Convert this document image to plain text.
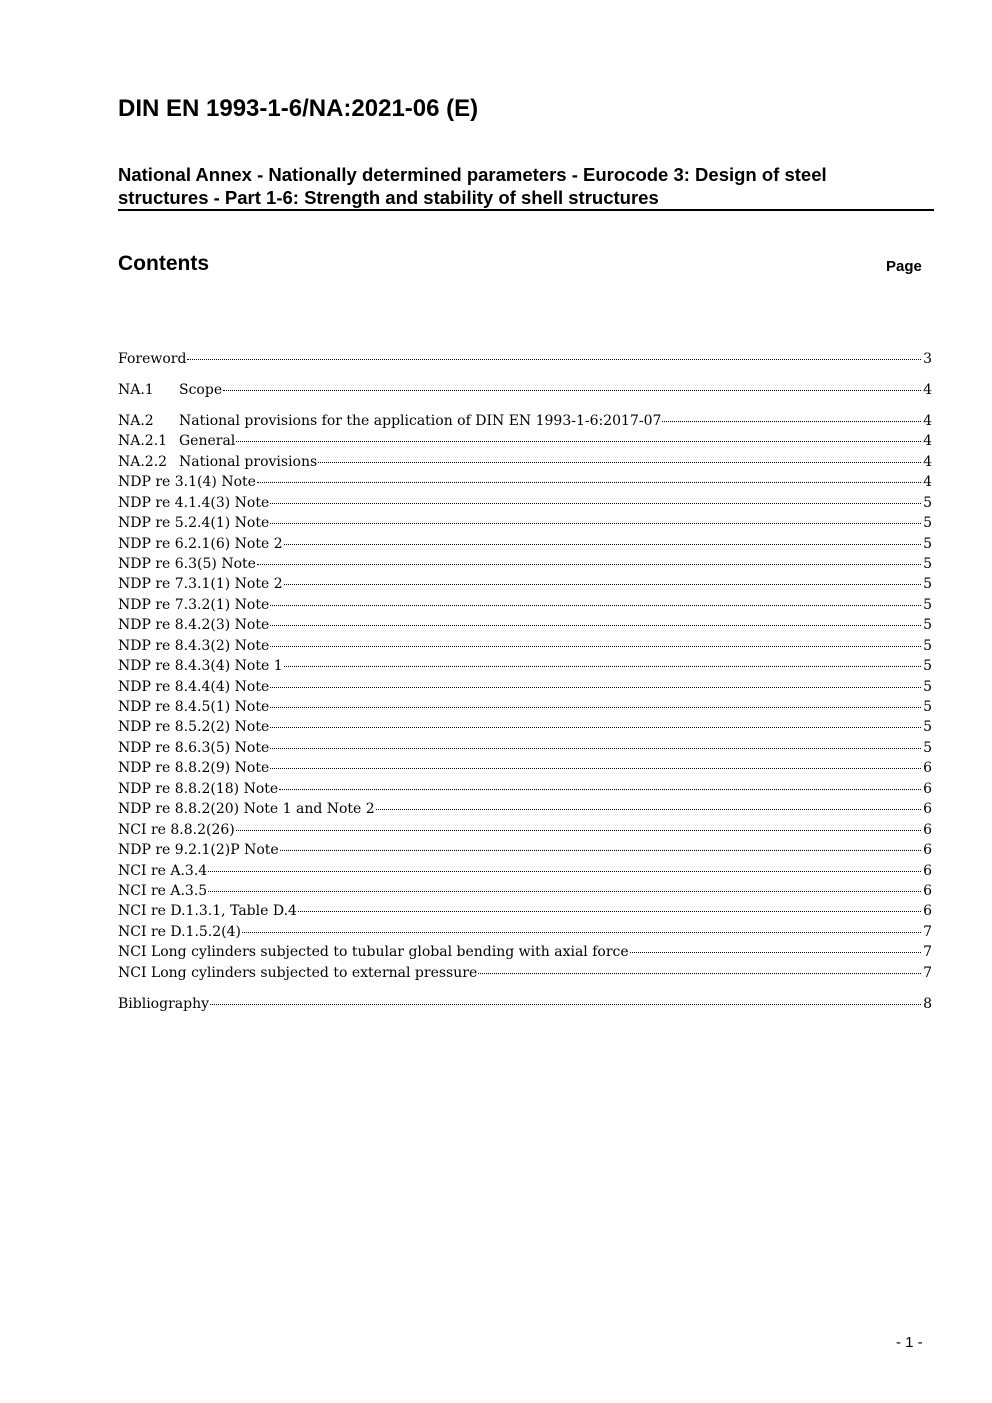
DIN EN 1993-1-6/NA:2021-06 (E)
National Annex - Nationally determined parameters - Eurocode 3: Design of steel
structures - Part 1-6: Strength and stability of shell structures
Contents	Page
Foreword	3
NA.1	Scope	4
NA.2	National provisions for the application of DIN EN 1993-1-6:2017-07	4
NA.2.1 General	4
NA.2.2 National provisions	4
NDP re 3.1(4) Note	4
NDP re 4.1.4(3) Note	5
NDP re 5.2.4(1) Note	5
NDP re 6.2.1(6) Note 2	5
NDP re 6.3(5) Note	5
NDP re 7.3.1(1) Note 2	5
NDP re 7.3.2(1) Note	5
NDP re 8.4.2(3) Note	5
NDP re 8.4.3(2) Note	5
NDP re 8.4.3(4) Note 1	5
NDP re 8.4.4(4) Note	5
NDP re 8.4.5(1) Note	5
NDP re 8.5.2(2) Note	5
NDP re 8.6.3(5) Note	5
NDP re 8.8.2(9) Note	6
NDP re 8.8.2(18) Note	6
NDP re 8.8.2(20) Note 1 and Note 2	6
NCI re 8.8.2(26)	6
NDP re 9.2.1(2)P Note	6
NCI re A.3.4	6
NCI re A.3.5	6
NCI re D.1.3.1, Table D.4	6
NCI re D.1.5.2(4)	7
NCI Long cylinders subjected to tubular global bending with axial force	7
NCI Long cylinders subjected to external pressure	7
Bibliography	8
- 1 -
